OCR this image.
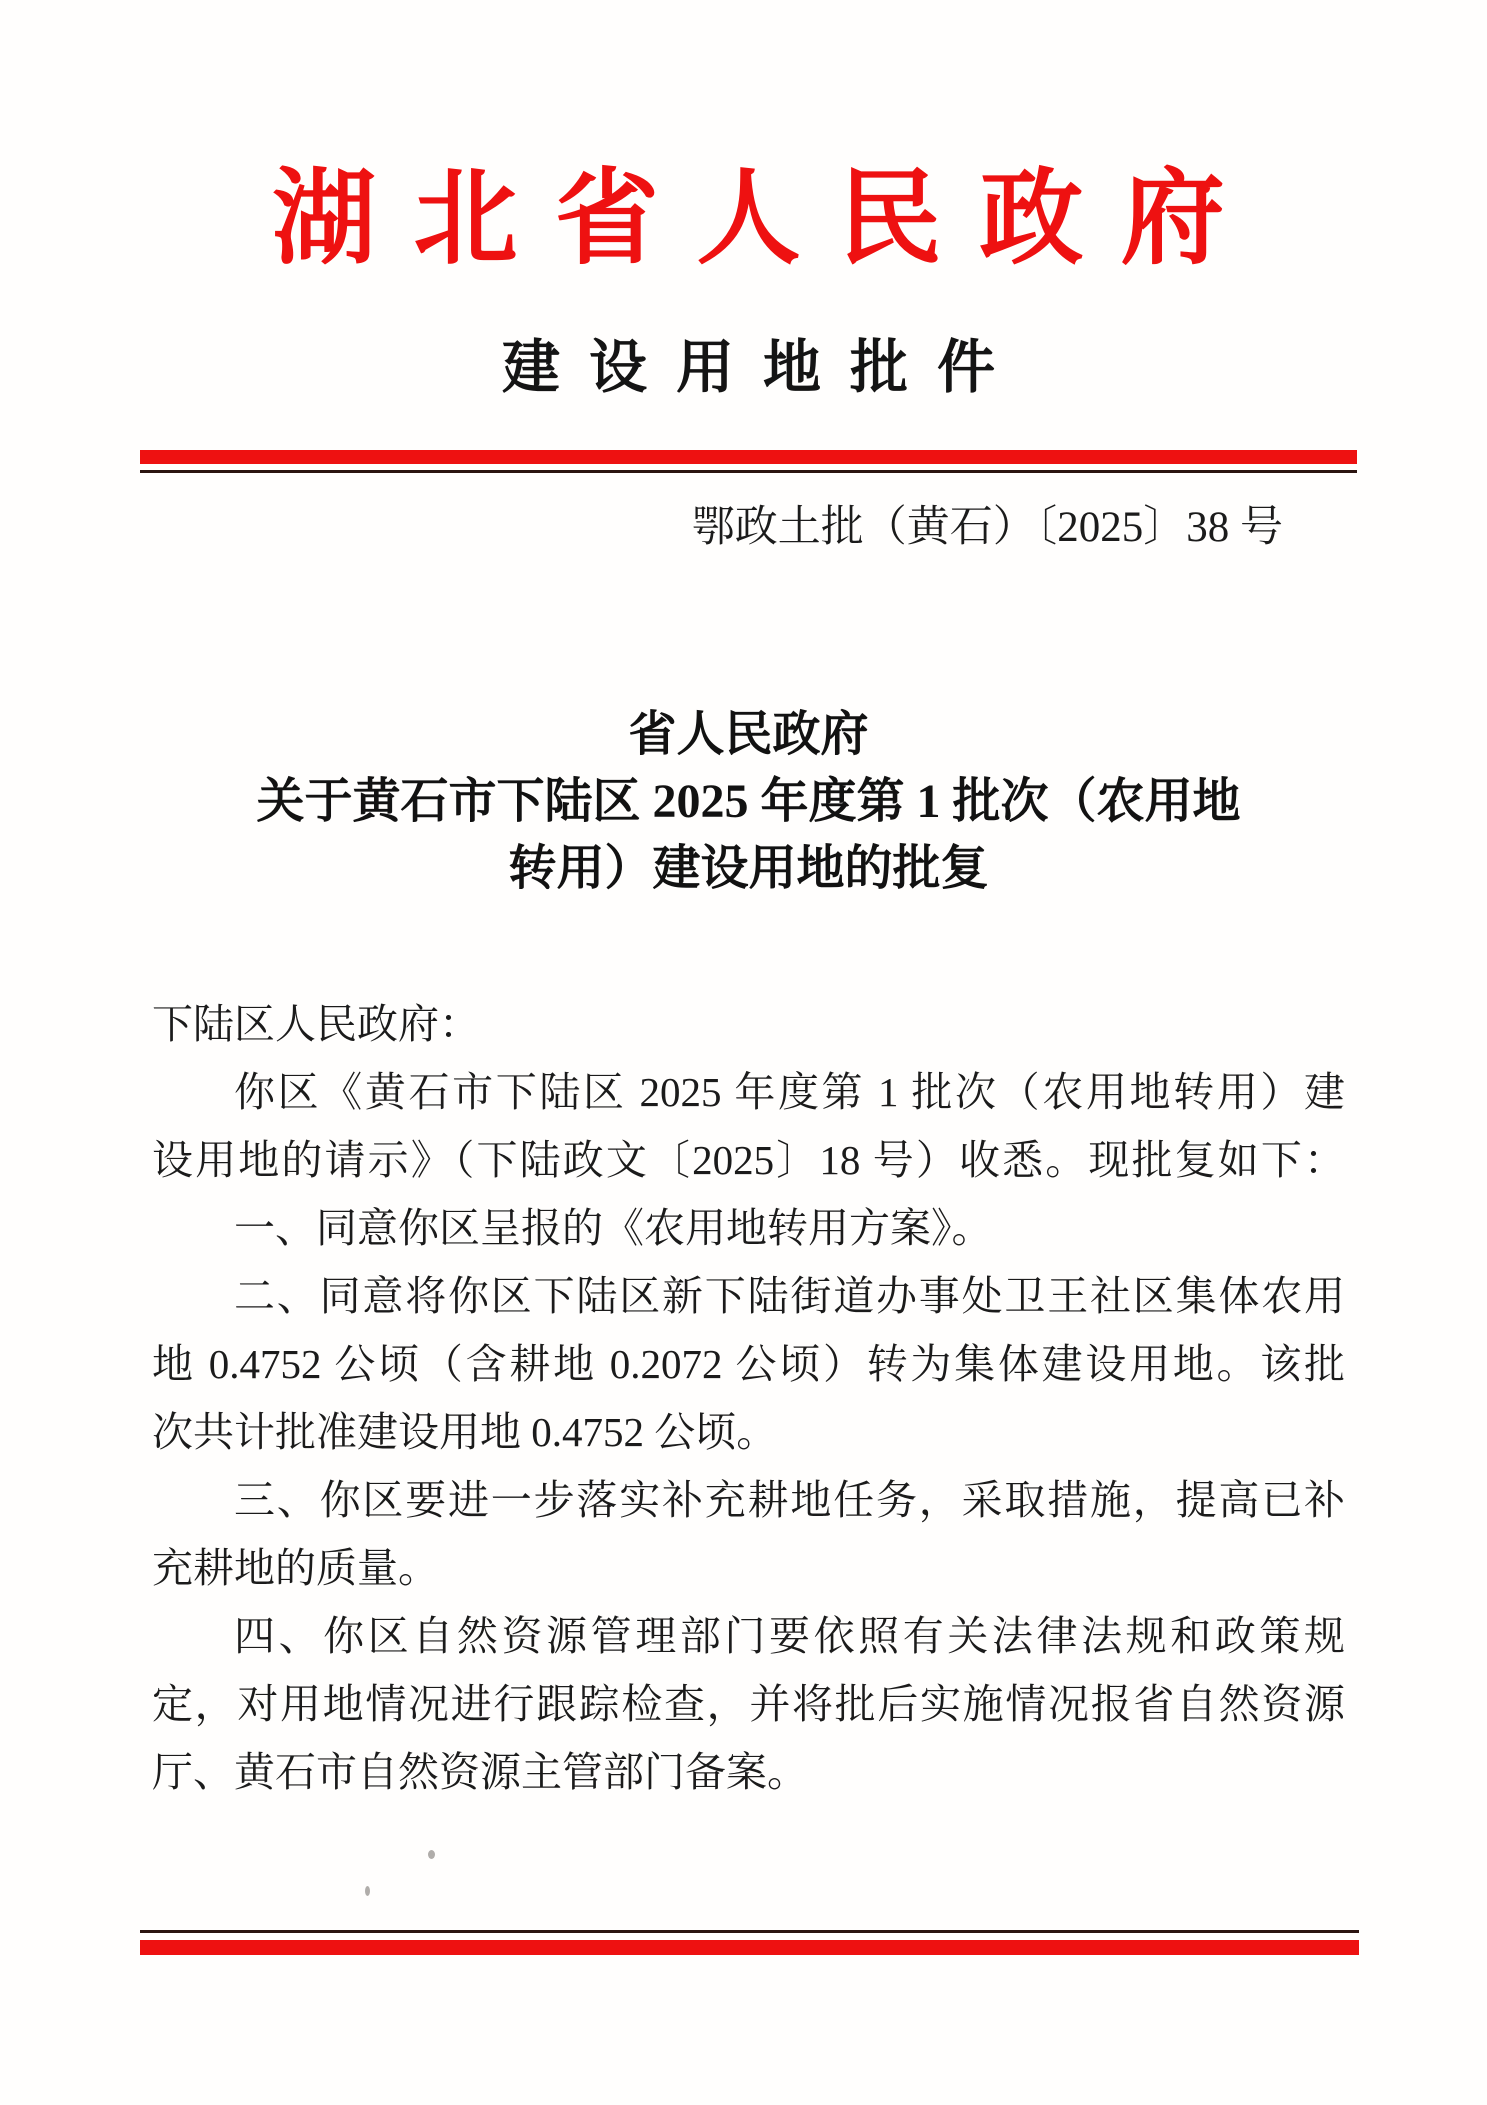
湖北省人民政府
建设用地批件
鄂政土批（黄石）〔2025〕38 号
省人民政府
关于黄石市下陆区 2025 年度第 1 批次（农用地
转用）建设用地的批复
下陆区人民政府：
你区《黄石市下陆区 2025 年度第 1 批次（农用地转用）建
设用地的请示》（下陆政文〔2025〕18 号）收悉。现批复如下：
一、同意你区呈报的《农用地转用方案》。
二、同意将你区下陆区新下陆街道办事处卫王社区集体农用
地 0.4752 公顷（含耕地 0.2072 公顷）转为集体建设用地。该批
次共计批准建设用地 0.4752 公顷。
三、你区要进一步落实补充耕地任务，采取措施，提高已补
充耕地的质量。
四、你区自然资源管理部门要依照有关法律法规和政策规
定，对用地情况进行跟踪检查，并将批后实施情况报省自然资源
厅、黄石市自然资源主管部门备案。
